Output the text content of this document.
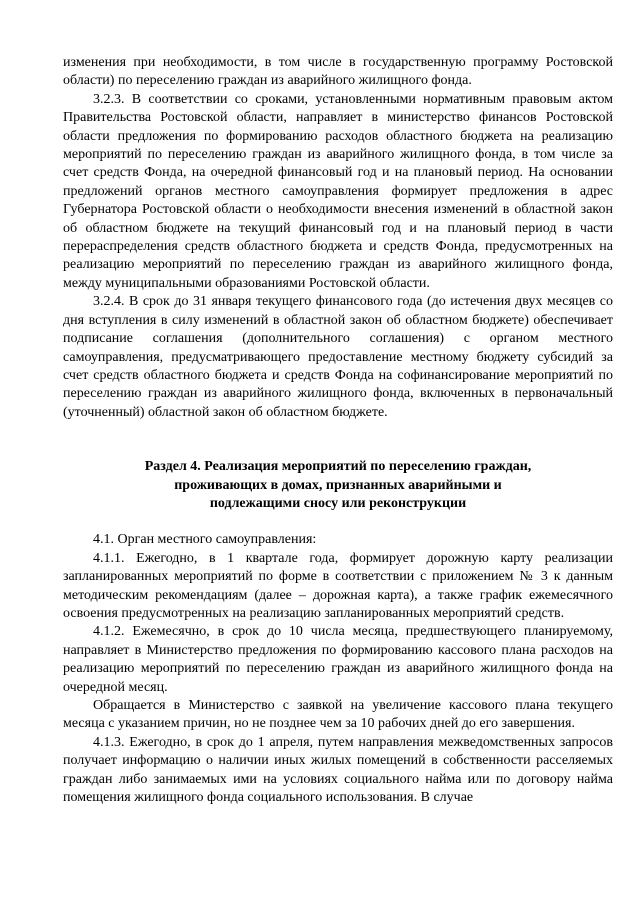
изменения при необходимости, в том числе в государственную программу Ростовской области) по переселению граждан из аварийного жилищного фонда.

3.2.3. В соответствии со сроками, установленными нормативным правовым актом Правительства Ростовской области, направляет в министерство финансов Ростовской области предложения по формированию расходов областного бюджета на реализацию мероприятий по переселению граждан из аварийного жилищного фонда, в том числе за счет средств Фонда, на очередной финансовый год и на плановый период. На основании предложений органов местного самоуправления формирует предложения в адрес Губернатора Ростовской области о необходимости внесения изменений в областной закон об областном бюджете на текущий финансовый год и на плановый период в части перераспределения средств областного бюджета и средств Фонда, предусмотренных на реализацию мероприятий по переселению граждан из аварийного жилищного фонда, между муниципальными образованиями Ростовской области.

3.2.4. В срок до 31 января текущего финансового года (до истечения двух месяцев со дня вступления в силу изменений в областной закон об областном бюджете) обеспечивает подписание соглашения (дополнительного соглашения) с органом местного самоуправления, предусматривающего предоставление местному бюджету субсидий за счет средств областного бюджета и средств Фонда на софинансирование мероприятий по переселению граждан из аварийного жилищного фонда, включенных в первоначальный (уточненный) областной закон об областном бюджете.

Раздел 4. Реализация мероприятий по переселению граждан,
проживающих в домах, признанных аварийными и
подлежащими сносу или реконструкции

4.1. Орган местного самоуправления:

4.1.1. Ежегодно, в 1 квартале года, формирует дорожную карту реализации запланированных мероприятий по форме в соответствии с приложением № 3 к данным методическим рекомендациям (далее – дорожная карта), а также график ежемесячного освоения предусмотренных на реализацию запланированных мероприятий средств.

4.1.2. Ежемесячно, в срок до 10 числа месяца, предшествующего планируемому, направляет в Министерство предложения по формированию кассового плана расходов на реализацию мероприятий по переселению граждан из аварийного жилищного фонда на очередной месяц.

Обращается в Министерство с заявкой на увеличение кассового плана текущего месяца с указанием причин, но не позднее чем за 10 рабочих дней до его завершения.

4.1.3. Ежегодно, в срок до 1 апреля, путем направления межведомственных запросов получает информацию о наличии иных жилых помещений в собственности расселяемых граждан либо занимаемых ими на условиях социального найма или по договору найма помещения жилищного фонда социального использования. В случае
